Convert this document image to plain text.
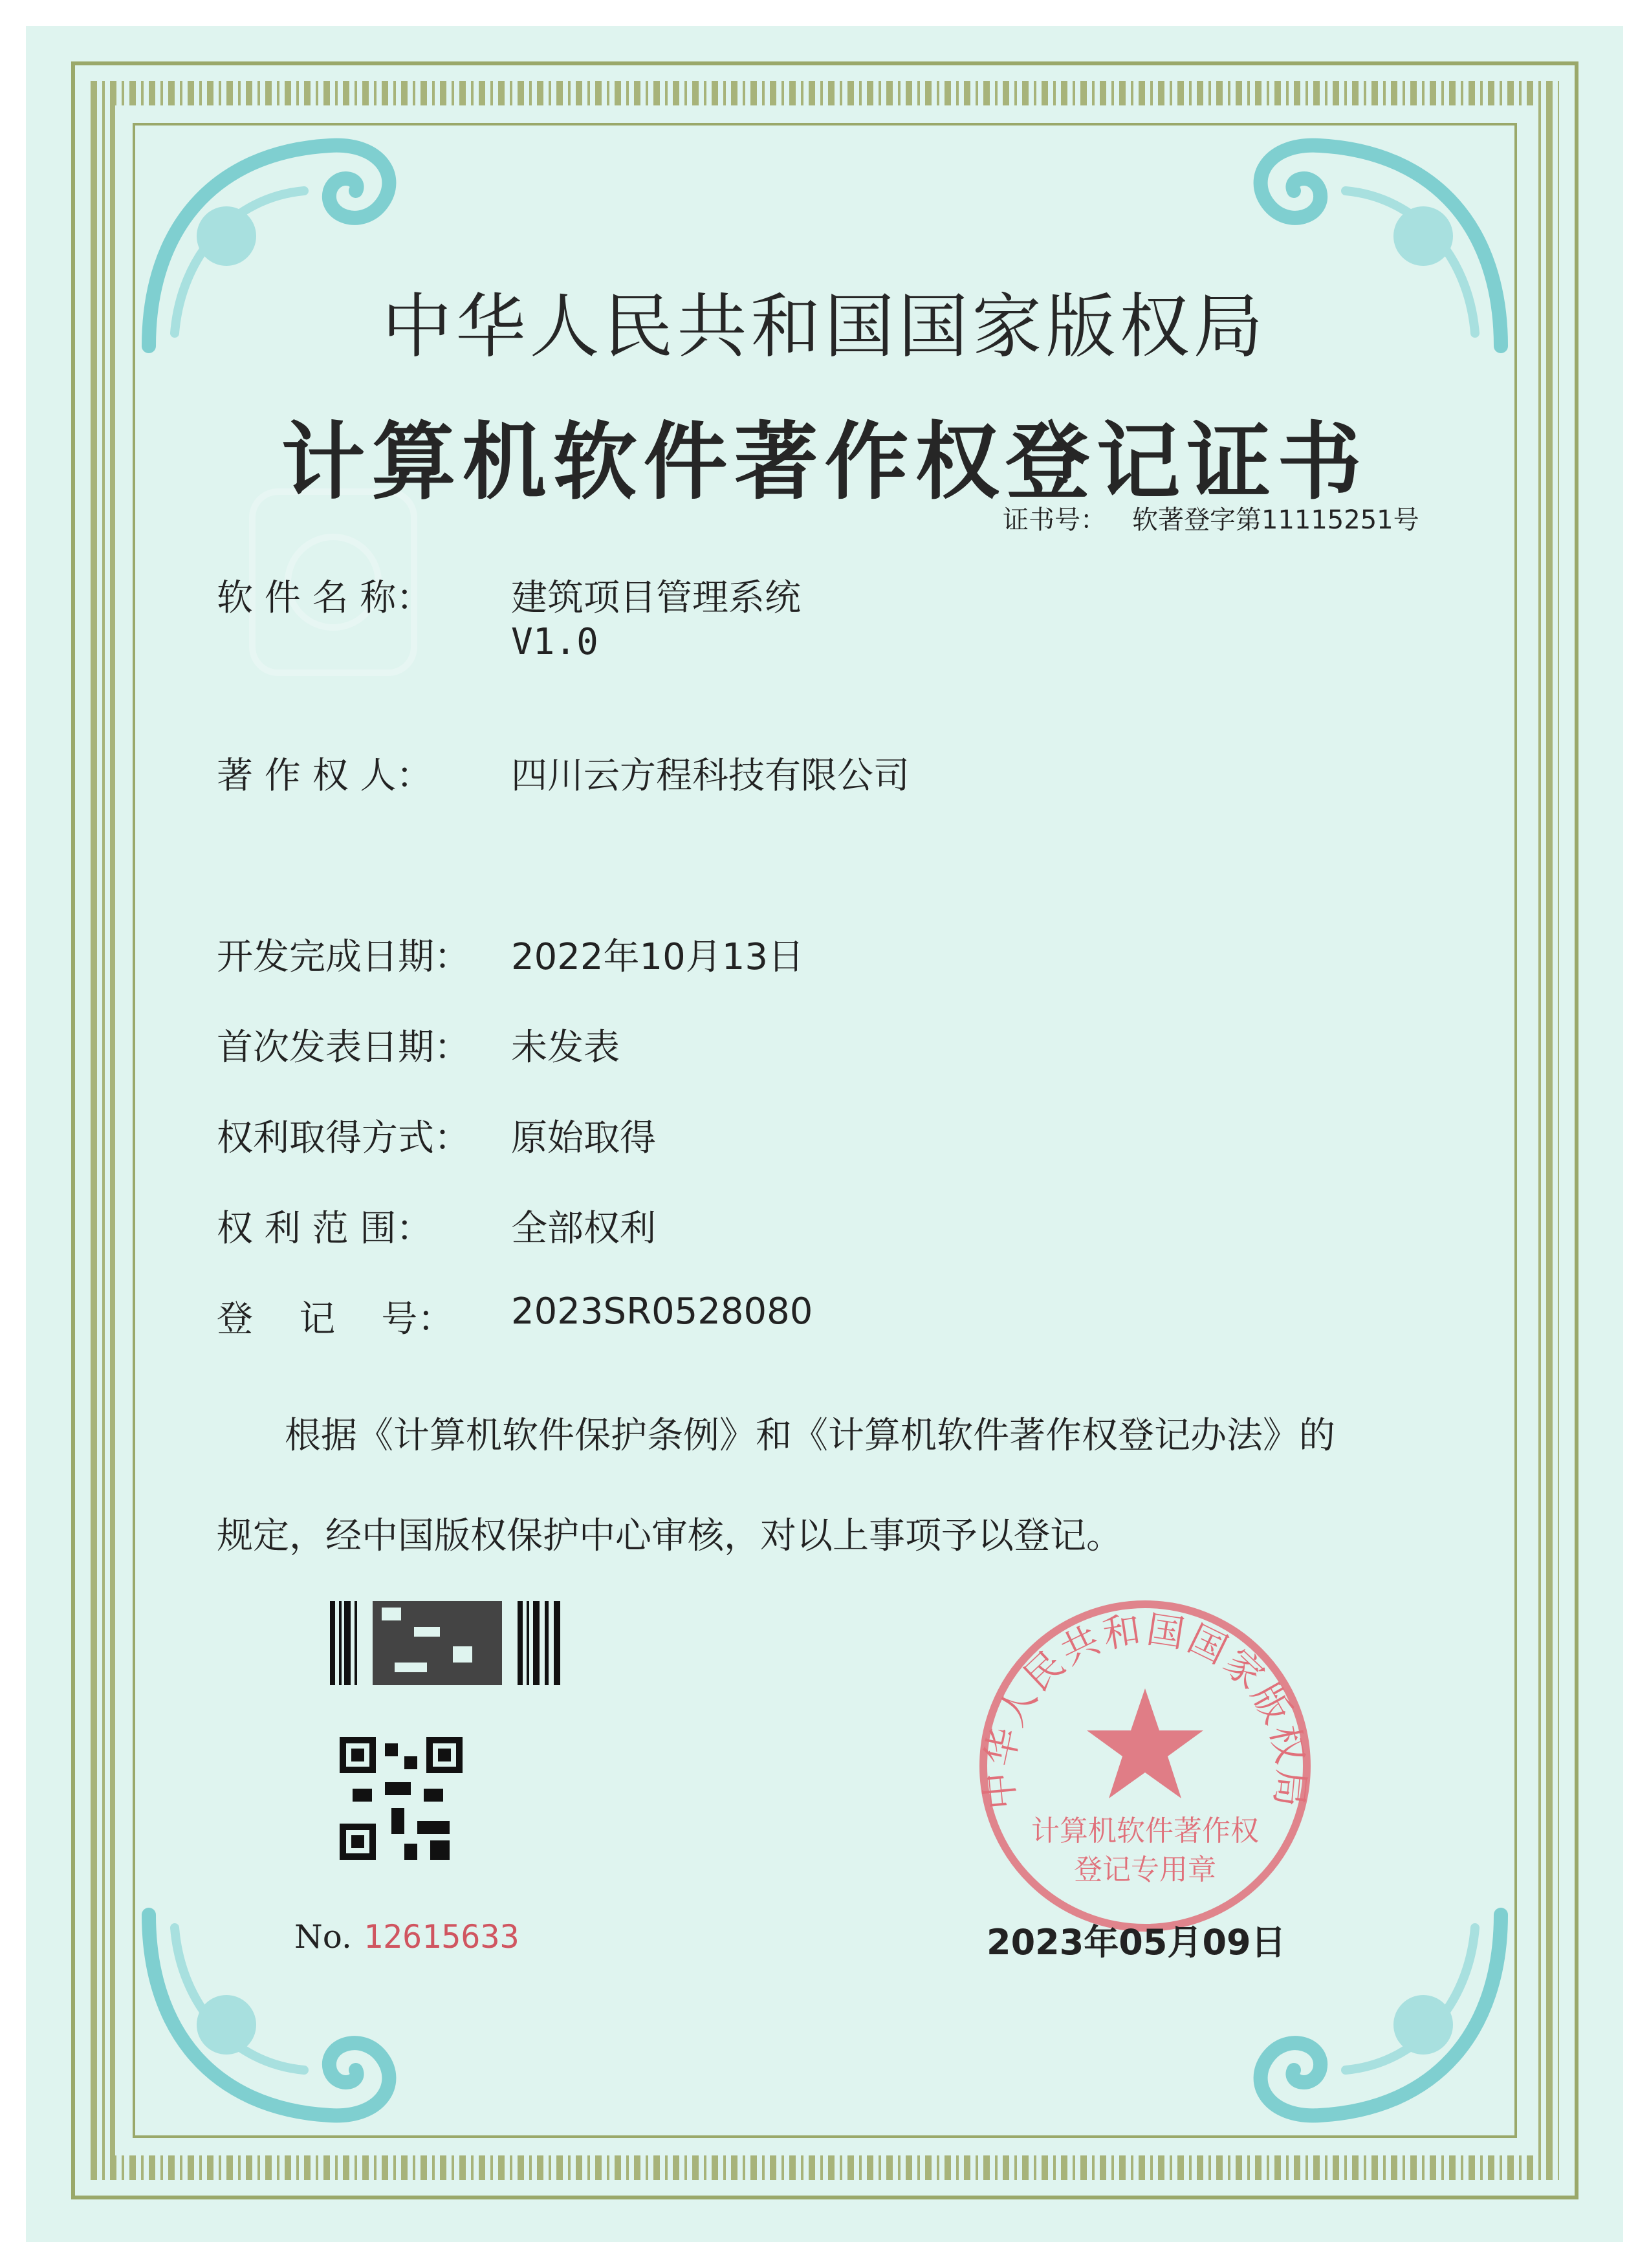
中华人民共和国国家版权局
计算机软件著作权登记证书
证书号： 软著登字第11115251号
软 件 名 称：	建筑项目管理系统
V1.0
著 作 权 人：	四川云方程科技有限公司
开发完成日期： 2022年10月13日
首次发表日期： 未发表
权利取得方式： 原始取得
权 利 范 围：	全部权利
登    记    号：	2023SR0528080
根据《计算机软件保护条例》和《计算机软件著作权登记办法》的
规定，经中国版权保护中心审核，对以上事项予以登记。
No. 12615633
中华人民共和国国家版权局
计算机软件著作权
登记专用章
2023年05月09日
